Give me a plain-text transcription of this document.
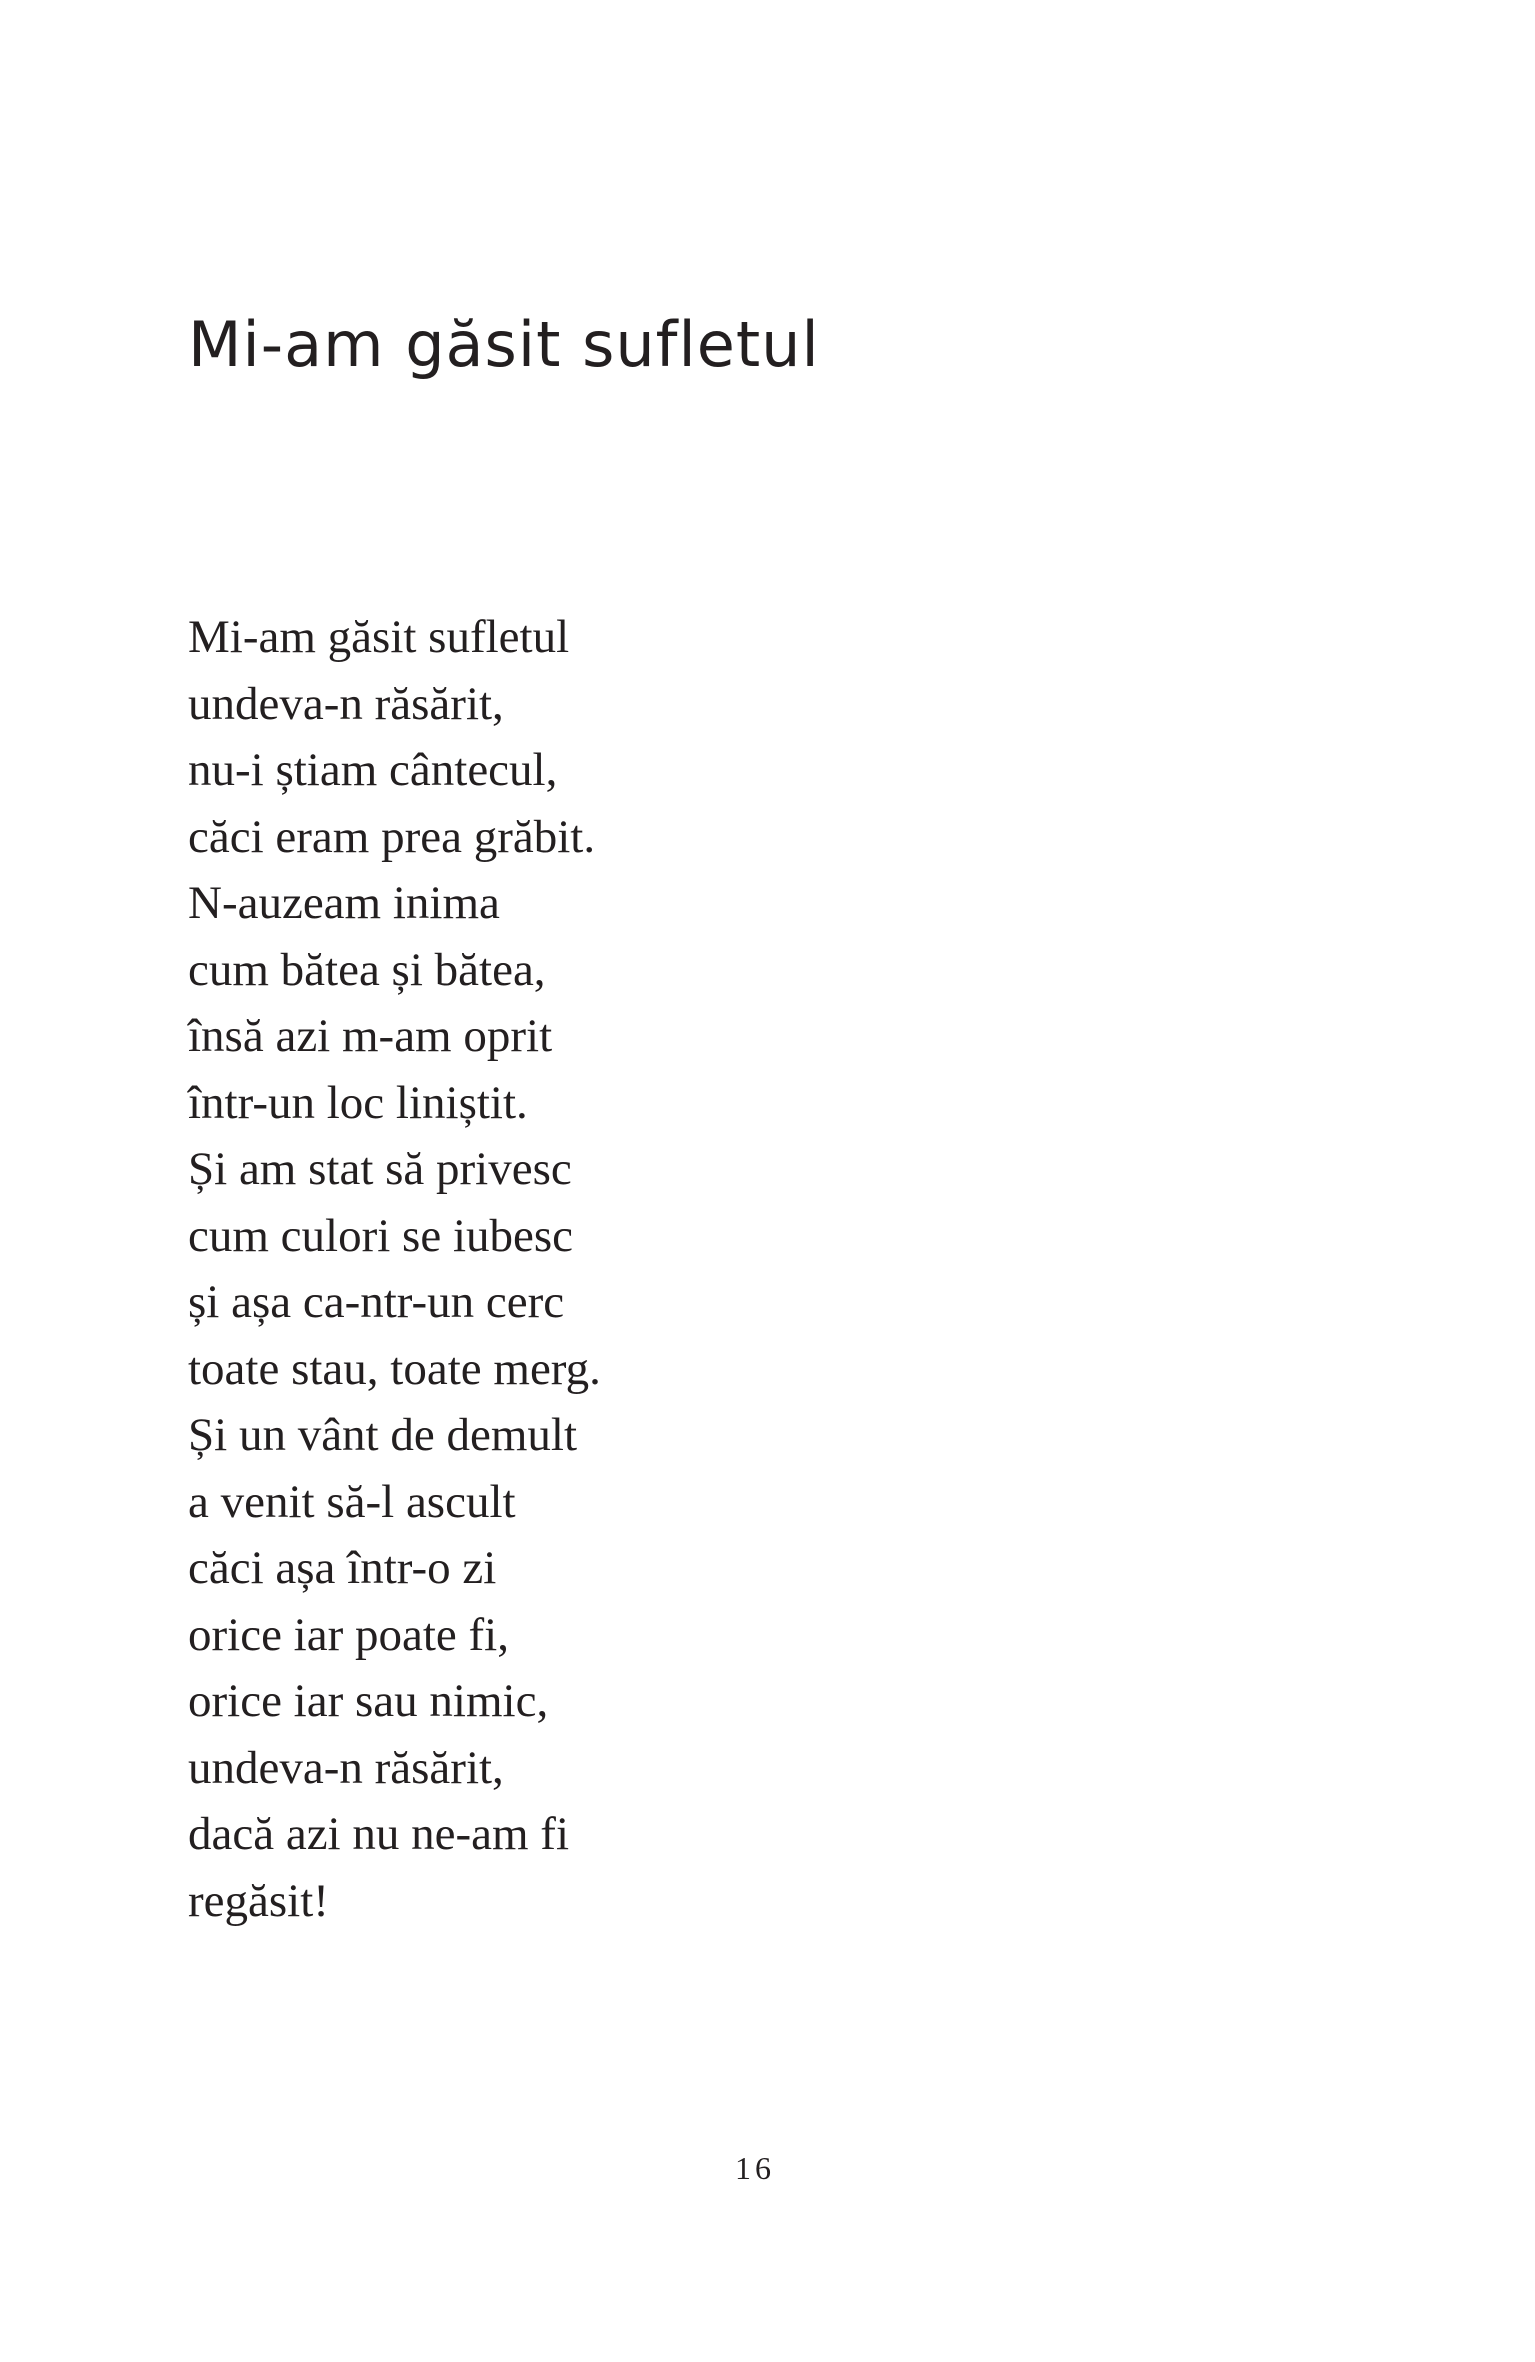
Mi-am găsit sufletul
Mi-am găsit sufletul
undeva-n răsărit,
nu-i știam cântecul,
căci eram prea grăbit.
N-auzeam inima
cum bătea și bătea,
însă azi m-am oprit
într-un loc liniștit.
Și am stat să privesc
cum culori se iubesc
și așa ca-ntr-un cerc
toate stau, toate merg.
Și un vânt de demult
a venit să-l ascult
căci așa într-o zi
orice iar poate fi,
orice iar sau nimic,
undeva-n răsărit,
dacă azi nu ne-am fi
regăsit!
16
